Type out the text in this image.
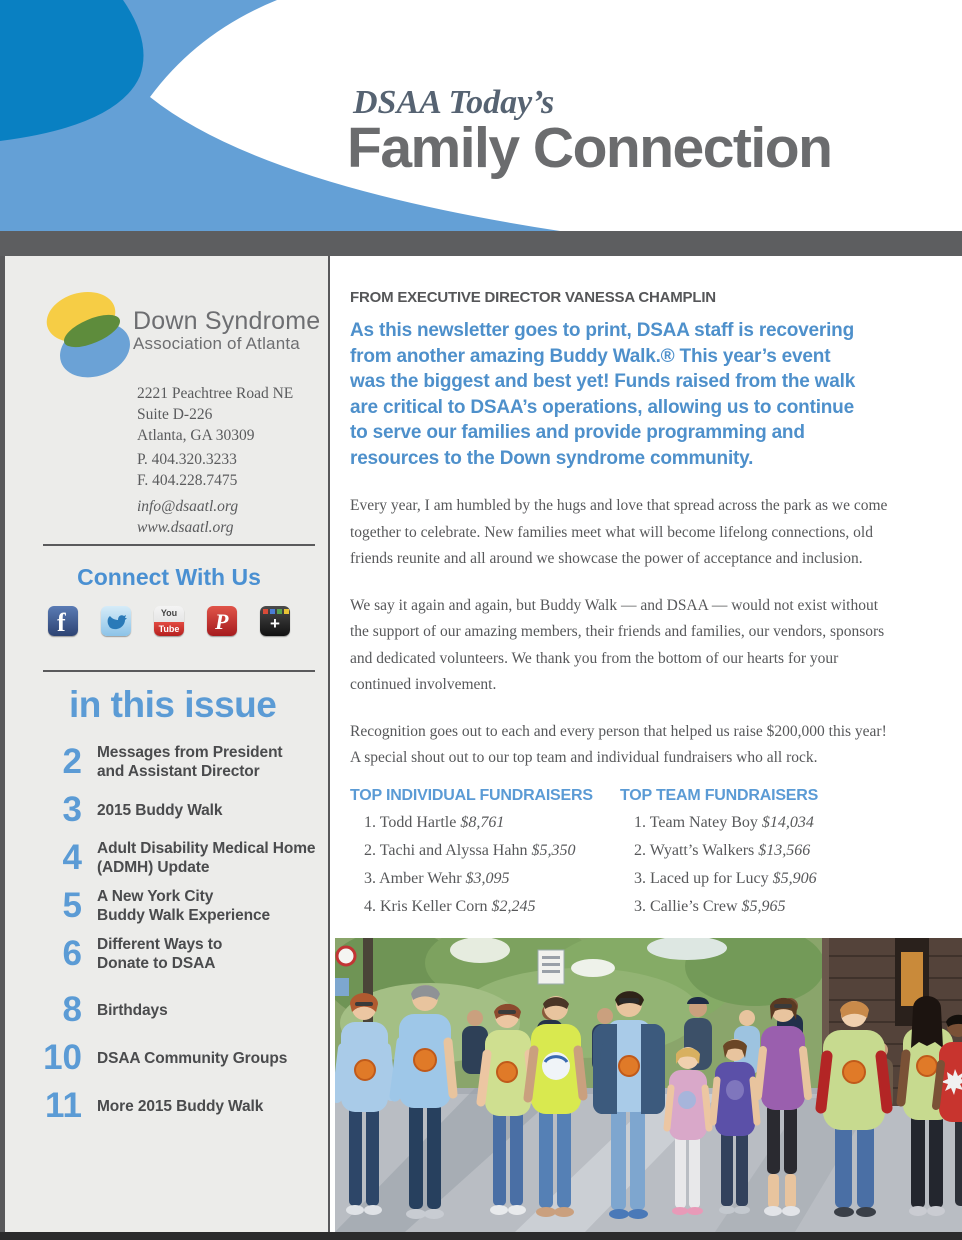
DSAA Today’s
Family Connection
Down Syndrome
Association of Atlanta
2221 Peachtree Road NE
Suite D-226
Atlanta, GA 30309
P. 404.320.3233
F. 404.228.7475
info@dsaatl.org
www.dsaatl.org
Connect With Us
f	You
Tube P	+
in this issue
2 Messages from President
and Assistant Director
3 2015 Buddy Walk
4 Adult Disability Medical Home
(ADMH) Update
5 A New York City
Buddy Walk Experience
6 Different Ways to
Donate to DSAA
8 Birthdays
10 DSAA Community Groups
11 More 2015 Buddy Walk
FROM EXECUTIVE DIRECTOR VANESSA CHAMPLIN
As this newsletter goes to print, DSAA staff is recovering
from another amazing Buddy Walk.® This year’s event
was the biggest and best yet! Funds raised from the walk
are critical to DSAA’s operations, allowing us to continue
to serve our families and provide programming and
resources to the Down syndrome community.

Every year, I am humbled by the hugs and love that spread across the park as we come together to celebrate. New families meet what will become lifelong connections, old friends reunite and all around we showcase the power of acceptance and inclusion.

We say it again and again, but Buddy Walk — and DSAA — would not exist without the support of our amazing members, their friends and families, our vendors, sponsors and dedicated volunteers. We thank you from the bottom of our hearts for your continued involvement.

Recognition goes out to each and every person that helped us raise $200,000 this year! A special shout out to our top team and individual fundraisers who all rock.

TOP INDIVIDUAL FUNDRAISERS
1. Todd Hartle $8,761
2. Tachi and Alyssa Hahn $5,350
3. Amber Wehr $3,095
4. Kris Keller Corn $2,245
TOP TEAM FUNDRAISERS
1. Team Natey Boy $14,034
2. Wyatt’s Walkers $13,566
3. Laced up for Lucy $5,906
3. Callie’s Crew $5,965
